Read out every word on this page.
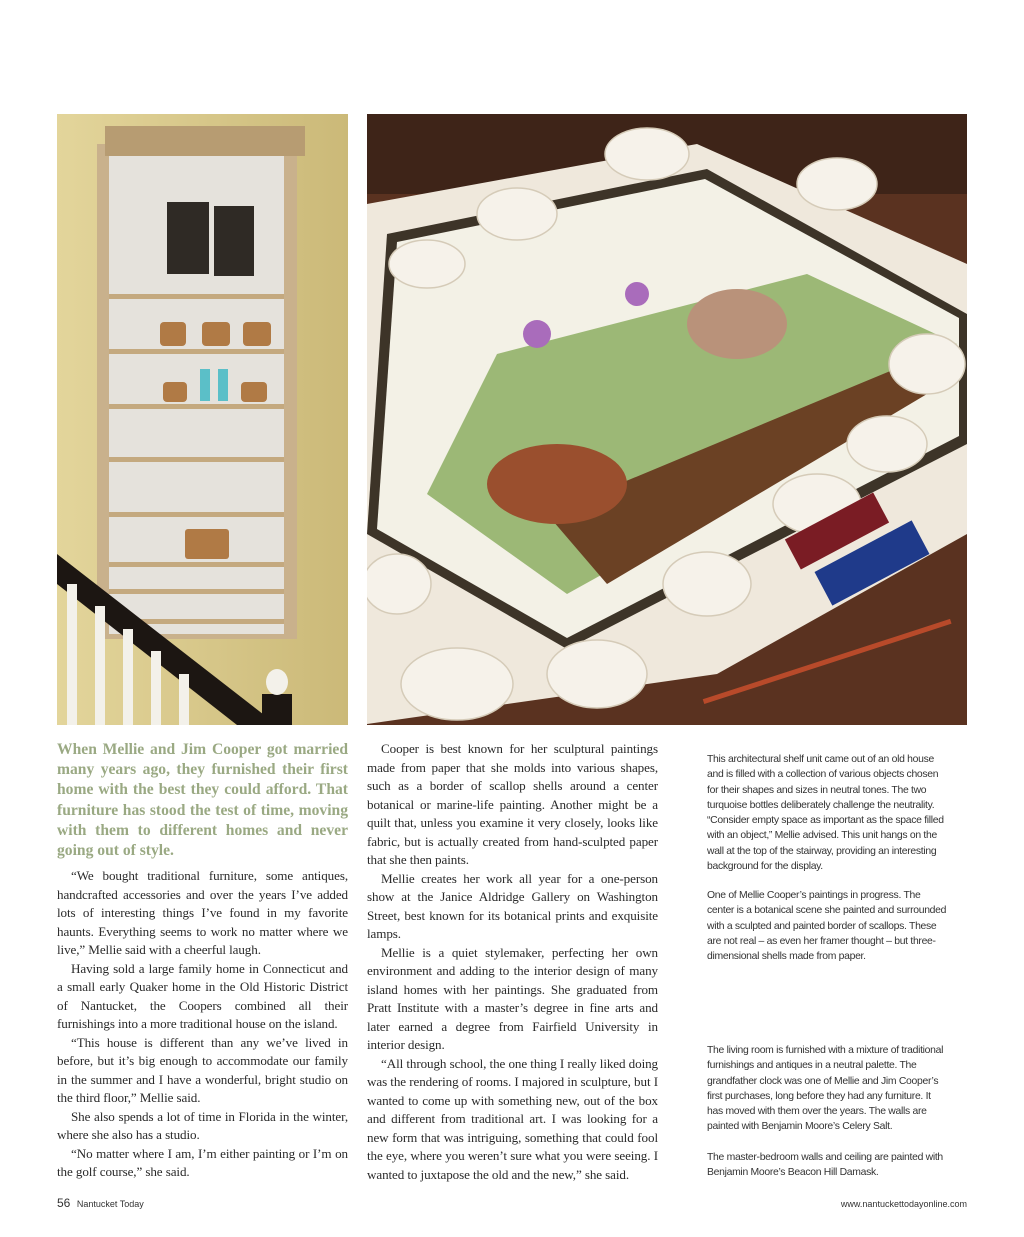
When Mellie and Jim Cooper got married many years ago, they furnished their first home with the best they could afford. That furniture has stood the test of time, moving with them to different homes and never going out of style.

“We bought traditional furniture, some antiques, handcrafted accessories and over the years I’ve added lots of interesting things I’ve found in my favorite haunts. Everything seems to work no matter where we live,” Mellie said with a cheerful laugh.

Having sold a large family home in Connecticut and a small early Quaker home in the Old Historic District of Nantucket, the Coopers combined all their furnishings into a more traditional house on the island.

“This house is different than any we’ve lived in before, but it’s big enough to accommodate our family in the summer and I have a wonderful, bright studio on the third floor,” Mellie said.

She also spends a lot of time in Florida in the winter, where she also has a studio.

“No matter where I am, I’m either painting or I’m on the golf course,” she said.

Cooper is best known for her sculptural paintings made from paper that she molds into various shapes, such as a border of scallop shells around a center botanical or marine-life painting. Another might be a quilt that, unless you examine it very closely, looks like fabric, but is actually created from hand-sculpted paper that she then paints.

Mellie creates her work all year for a one-person show at the Janice Aldridge Gallery on Washington Street, best known for its botanical prints and exquisite lamps.

Mellie is a quiet stylemaker, perfecting her own environment and adding to the interior design of many island homes with her paintings. She graduated from Pratt Institute with a master’s degree in fine arts and later earned a degree from Fairfield University in interior design.

“All through school, the one thing I really liked doing was the rendering of rooms. I majored in sculpture, but I wanted to come up with something new, out of the box and different from traditional art. I was looking for a new form that was intriguing, something that could fool the eye, where you weren’t sure what you were seeing. I wanted to juxtapose the old and the new,” she said.

This architectural shelf unit came out of an old house and is filled with a collection of various objects chosen for their shapes and sizes in neutral tones. The two turquoise bottles deliberately challenge the neutrality. “Consider empty space as important as the space filled with an object,” Mellie advised. This unit hangs on the wall at the top of the stairway, providing an interesting background for the display.

One of Mellie Cooper’s paintings in progress. The center is a botanical scene she painted and surrounded with a sculpted and painted border of scallops. These are not real – as even her framer thought – but three-dimensional shells made from paper.

The living room is furnished with a mixture of traditional furnishings and antiques in a neutral palette. The grandfather clock was one of Mellie and Jim Cooper’s first purchases, long before they had any furniture. It has moved with them over the years. The walls are painted with Benjamin Moore’s Celery Salt.

The master-bedroom walls and ceiling are painted with Benjamin Moore’s Beacon Hill Damask.

56 Nantucket Today	www.nantuckettodayonline.com
